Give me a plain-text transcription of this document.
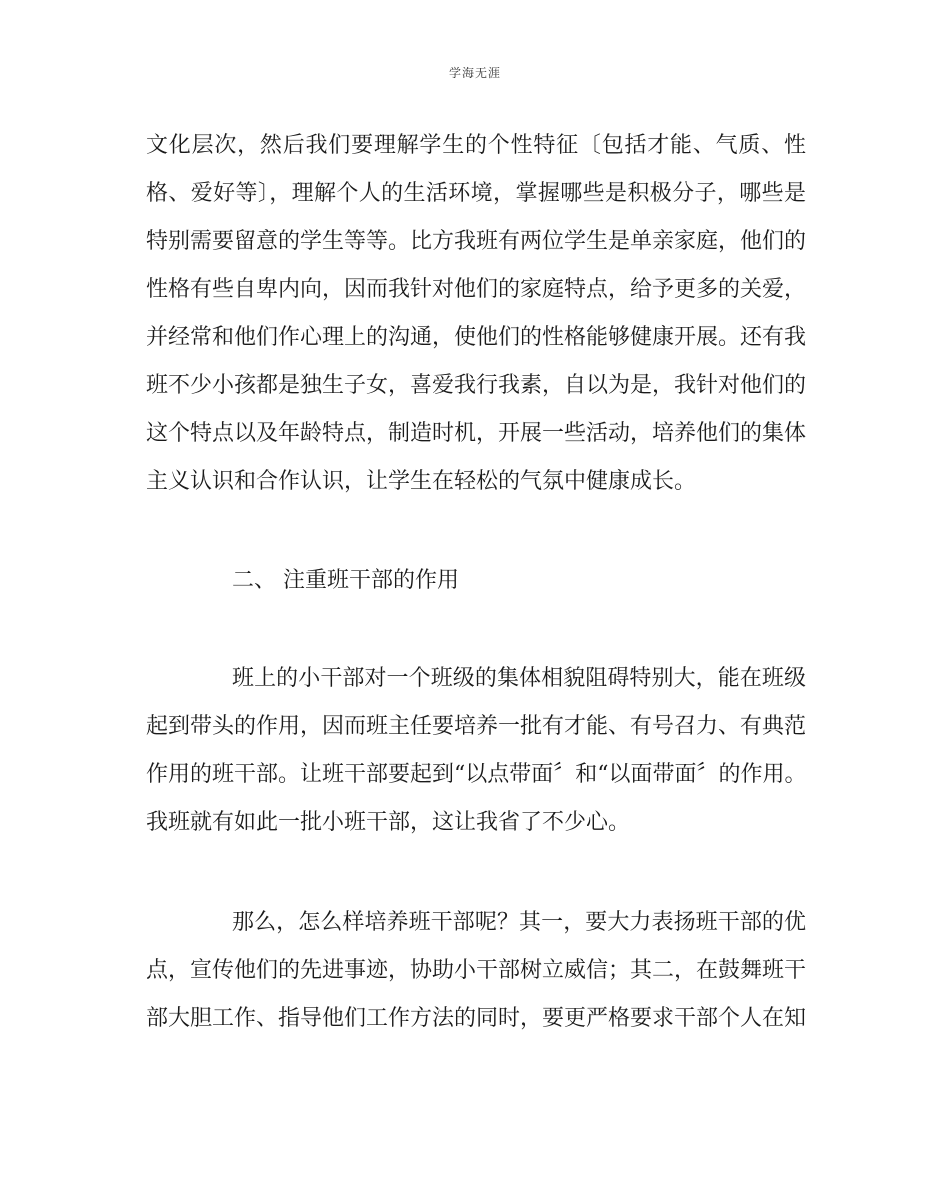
学海无涯
文化层次，然后我们要理解学生的个性特征〔包括才能、气质、性
格、爱好等〕，理解个人的生活环境，掌握哪些是积极分子，哪些是
特别需要留意的学生等等。比方我班有两位学生是单亲家庭，他们的
性格有些自卑内向，因而我针对他们的家庭特点，给予更多的关爱，
并经常和他们作心理上的沟通，使他们的性格能够健康开展。还有我
班不少小孩都是独生子女，喜爱我行我素，自以为是，我针对他们的
这个特点以及年龄特点，制造时机，开展一些活动，培养他们的集体
主义认识和合作认识，让学生在轻松的气氛中健康成长。
二、 注重班干部的作用
班上的小干部对一个班级的集体相貌阻碍特别大，能在班级
起到带头的作用，因而班主任要培养一批有才能、有号召力、有典范
作用的班干部。让班干部要起到“以点带面〞和“以面带面〞的作用。
我班就有如此一批小班干部，这让我省了不少心。
那么，怎么样培养班干部呢？其一，要大力表扬班干部的优
点，宣传他们的先进事迹，协助小干部树立威信；其二，在鼓舞班干
部大胆工作、指导他们工作方法的同时，要更严格要求干部个人在知
